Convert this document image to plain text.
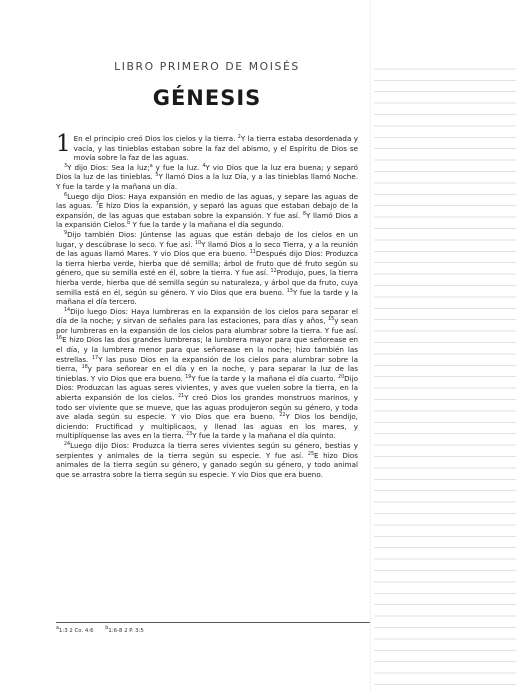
LIBRO PRIMERO DE MOISÉS

GÉNESIS

1 En el principio creó Dios los cielos y la tierra. $^2$Y la tierra estaba desordenada y vacía, y las tinieblas estaban sobre la faz del abismo, y el Espíritu de Dios se movía sobre la faz de las aguas.

$^3$Y dijo Dios: Sea la luz;$^a$ y fue la luz. $^4$Y vio Dios que la luz era buena; y separó Dios la luz de las tinieblas. $^5$Y llamó Dios a la luz Día, y a las tinieblas llamó Noche. Y fue la tarde y la mañana un día.

$^6$Luego dijo Dios: Haya expansión en medio de las aguas, y separe las aguas de las aguas. $^7$E hizo Dios la expansión, y separó las aguas que estaban debajo de la expansión, de las aguas que estaban sobre la expansión. Y fue así. $^8$Y llamó Dios a la expansión Cielos.$^b$ Y fue la tarde y la mañana el día segundo.

$^9$Dijo también Dios: Júntense las aguas que están debajo de los cielos en un lugar, y descúbrase lo seco. Y fue así. $^{10}$Y llamó Dios a lo seco Tierra, y a la reunión de las aguas llamó Mares. Y vio Dios que era bueno. $^{11}$Después dijo Dios: Produzca la tierra hierba verde, hierba que dé semilla; árbol de fruto que dé fruto según su género, que su semilla esté en él, sobre la tierra. Y fue así. $^{12}$Produjo, pues, la tierra hierba verde, hierba que dé semilla según su naturaleza, y árbol que da fruto, cuya semilla está en él, según su género. Y vio Dios que era bueno. $^{13}$Y fue la tarde y la mañana el día tercero.

$^{14}$Dijo luego Dios: Haya lumbreras en la expansión de los cielos para separar el día de la noche; y sirvan de señales para las estaciones, para días y años, $^{15}$y sean por lumbreras en la expansión de los cielos para alumbrar sobre la tierra. Y fue así. $^{16}$E hizo Dios las dos grandes lumbreras; la lumbrera mayor para que señorease en el día, y la lumbrera menor para que señorease en la noche; hizo también las estrellas. $^{17}$Y las puso Dios en la expansión de los cielos para alumbrar sobre la tierra, $^{18}$y para señorear en el día y en la noche, y para separar la luz de las tinieblas. Y vio Dios que era bueno. $^{19}$Y fue la tarde y la mañana el día cuarto. $^{20}$Dijo Dios: Produzcan las aguas seres vivientes, y aves que vuelen sobre la tierra, en la abierta expansión de los cielos. $^{21}$Y creó Dios los grandes monstruos marinos, y todo ser viviente que se mueve, que las aguas produjeron según su género, y toda ave alada según su especie. Y vio Dios que era bueno. $^{22}$Y Dios los bendijo, diciendo: Fructificad y multiplicaos, y llenad las aguas en los mares, y multiplíquense las aves en la tierra. $^{23}$Y fue la tarde y la mañana el día quinto.

$^{24}$Luego dijo Dios: Produzca la tierra seres vivientes según su género, bestias y serpientes y animales de la tierra según su especie. Y fue así. $^{25}$E hizo Dios animales de la tierra según su género, y ganado según su género, y todo animal que se arrastra sobre la tierra según su especie. Y vio Dios que era bueno.

$^a$1:3 2 Co. 4:6 $^b$1:6-8 2 P. 3:5
